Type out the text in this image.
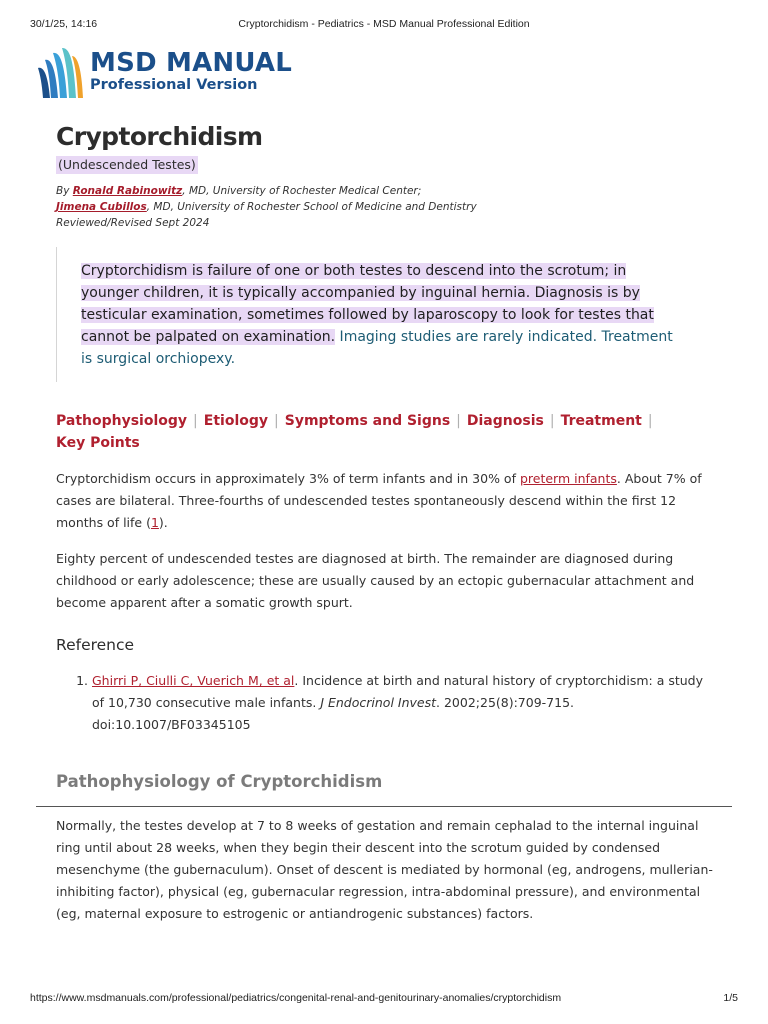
30/1/25, 14:16	Cryptorchidism - Pediatrics - MSD Manual Professional Edition
MSD MANUAL
Professional Version
Cryptorchidism
(Undescended Testes)
By Ronald Rabinowitz, MD, University of Rochester Medical Center;
Jimena Cubillos, MD, University of Rochester School of Medicine and Dentistry
Reviewed/Revised Sept 2024
Cryptorchidism is failure of one or both testes to descend into the scrotum; in younger children, it is typically accompanied by inguinal hernia. Diagnosis is by testicular examination, sometimes followed by laparoscopy to look for testes that cannot be palpated on examination. Imaging studies are rarely indicated. Treatment is surgical orchiopexy.
Pathophysiology | Etiology | Symptoms and Signs | Diagnosis | Treatment |
Key Points

Cryptorchidism occurs in approximately 3% of term infants and in 30% of preterm infants. About 7% of cases are bilateral. Three-fourths of undescended testes spontaneously descend within the first 12 months of life (1).

Eighty percent of undescended testes are diagnosed at birth. The remainder are diagnosed during childhood or early adolescence; these are usually caused by an ectopic gubernacular attachment and become apparent after a somatic growth spurt.

Reference
1. Ghirri P, Ciulli C, Vuerich M, et al. Incidence at birth and natural history of cryptorchidism: a study of 10,730 consecutive male infants. J Endocrinol Invest. 2002;25(8):709-715. doi:10.1007/BF03345105
Pathophysiology of Cryptorchidism

Normally, the testes develop at 7 to 8 weeks of gestation and remain cephalad to the internal inguinal ring until about 28 weeks, when they begin their descent into the scrotum guided by condensed mesenchyme (the gubernaculum). Onset of descent is mediated by hormonal (eg, androgens, mullerian-inhibiting factor), physical (eg, gubernacular regression, intra-abdominal pressure), and environmental (eg, maternal exposure to estrogenic or antiandrogenic substances) factors.

https://www.msdmanuals.com/professional/pediatrics/congenital-renal-and-genitourinary-anomalies/cryptorchidism	1/5
